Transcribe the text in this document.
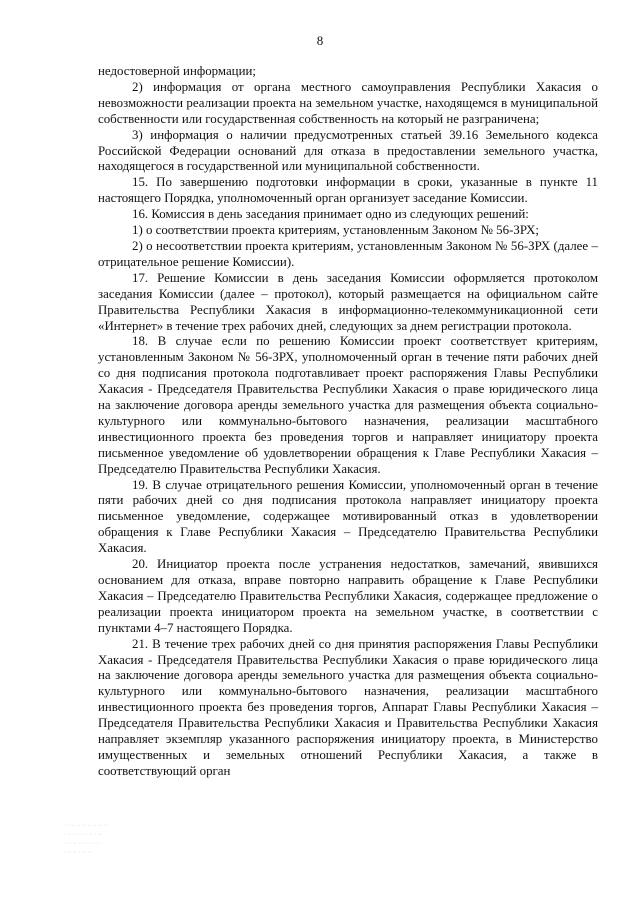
8

недостоверной информации;

2) информация от органа местного самоуправления Республики Хакасия о невозможности реализации проекта на земельном участке, находящемся в муниципальной собственности или государственная собственность на который не разграничена;

3) информация о наличии предусмотренных статьей 39.16 Земельного кодекса Российской Федерации оснований для отказа в предоставлении земельного участка, находящегося в государственной или муниципальной собственности.

15. По завершению подготовки информации в сроки, указанные в пункте 11 настоящего Порядка, уполномоченный орган организует заседание Комиссии.

16. Комиссия в день заседания принимает одно из следующих решений:

1) о соответствии проекта критериям, установленным Законом № 56-ЗРХ;

2) о несоответствии проекта критериям, установленным Законом № 56-ЗРХ (далее – отрицательное решение Комиссии).

17. Решение Комиссии в день заседания Комиссии оформляется протоколом заседания Комиссии (далее – протокол), который размещается на официальном сайте Правительства Республики Хакасия в информационно-телекоммуникационной сети «Интернет» в течение трех рабочих дней, следующих за днем регистрации протокола.

18. В случае если по решению Комиссии проект соответствует критериям, установленным Законом № 56-ЗРХ, уполномоченный орган в течение пяти рабочих дней со дня подписания протокола подготавливает проект распоряжения Главы Республики Хакасия - Председателя Правительства Республики Хакасия о праве юридического лица на заключение договора аренды земельного участка для размещения объекта социально-культурного или коммунально-бытового назначения, реализации масштабного инвестиционного проекта без проведения торгов и направляет инициатору проекта письменное уведомление об удовлетворении обращения к Главе Республики Хакасия – Председателю Правительства Республики Хакасия.

19. В случае отрицательного решения Комиссии, уполномоченный орган в течение пяти рабочих дней со дня подписания протокола направляет инициатору проекта письменное уведомление, содержащее мотивированный отказ в удовлетворении обращения к Главе Республики Хакасия – Председателю Правительства Республики Хакасия.

20. Инициатор проекта после устранения недостатков, замечаний, явившихся основанием для отказа, вправе повторно направить обращение к Главе Республики Хакасия – Председателю Правительства Республики Хакасия, содержащее предложение о реализации проекта инициатором проекта на земельном участке, в соответствии с пунктами 4–7 настоящего Порядка.

21. В течение трех рабочих дней со дня принятия распоряжения Главы Республики Хакасия - Председателя Правительства Республики Хакасия о праве юридического лица на заключение договора аренды земельного участка для размещения объекта социально-культурного или коммунально-бытового назначения, реализации масштабного инвестиционного проекта без проведения торгов, Аппарат Главы Республики Хакасия – Председателя Правительства Республики Хакасия и Правительства Республики Хакасия направляет экземпляр указанного распоряжения инициатору проекта, в Министерство имущественных и земельных отношений Республики Хакасия, а также в соответствующий орган

· · ·· ·· ·· ·· ·· ·· ··
· ·· · · ·· · ·· · ··
·· · ·· ·· ·· · ·· ·
· ·· ·· · ·· ··
